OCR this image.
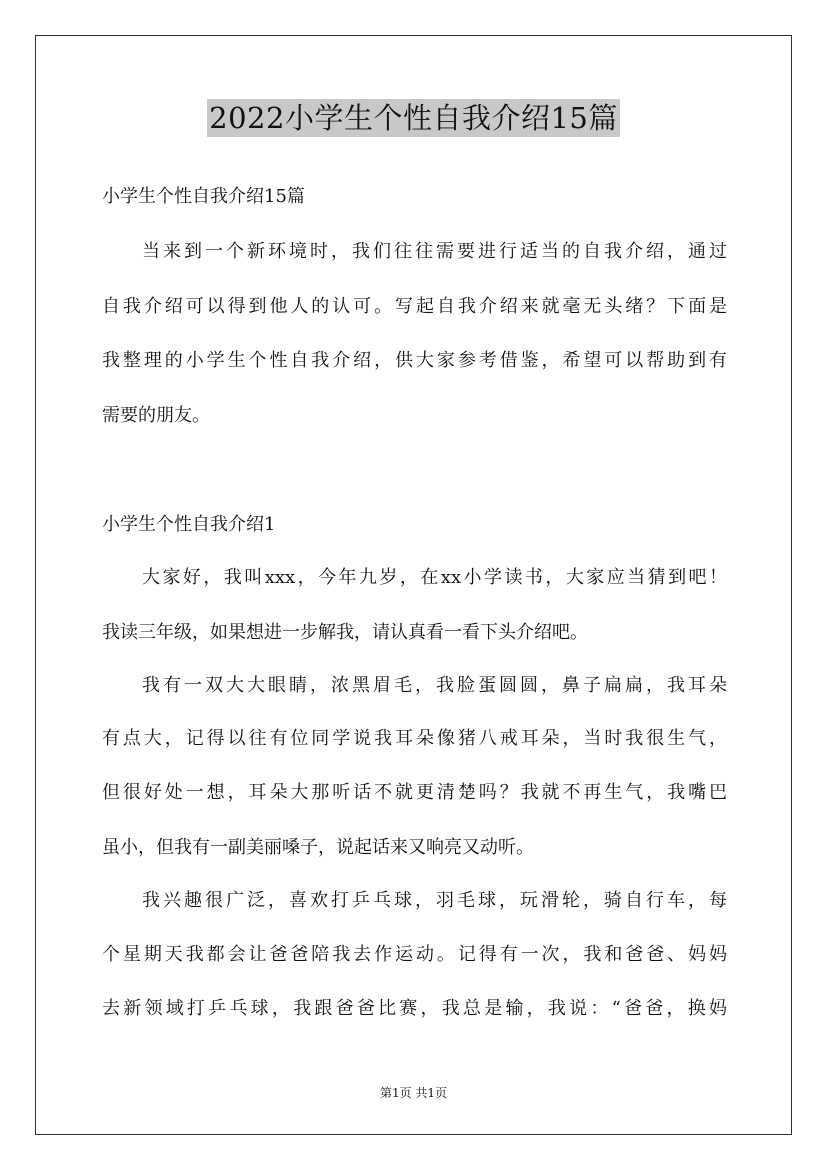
2022小学生个性自我介绍15篇
小学生个性自我介绍15篇
当来到一个新环境时，我们往往需要进行适当的自我介绍，通过
自我介绍可以得到他人的认可。写起自我介绍来就毫无头绪？下面是
我整理的小学生个性自我介绍，供大家参考借鉴，希望可以帮助到有
需要的朋友。
小学生个性自我介绍1
大家好，我叫xxx，今年九岁，在xx小学读书，大家应当猜到吧！
我读三年级，如果想进一步解我，请认真看一看下头介绍吧。
我有一双大大眼睛，浓黑眉毛，我脸蛋圆圆，鼻子扁扁，我耳朵
有点大，记得以往有位同学说我耳朵像猪八戒耳朵，当时我很生气，
但很好处一想，耳朵大那听话不就更清楚吗？我就不再生气，我嘴巴
虽小，但我有一副美丽嗓子，说起话来又响亮又动听。
我兴趣很广泛，喜欢打乒乓球，羽毛球，玩滑轮，骑自行车，每
个星期天我都会让爸爸陪我去作运动。记得有一次，我和爸爸、妈妈
去新领域打乒乓球，我跟爸爸比赛，我总是输，我说：“爸爸，换妈
第1页 共1页
